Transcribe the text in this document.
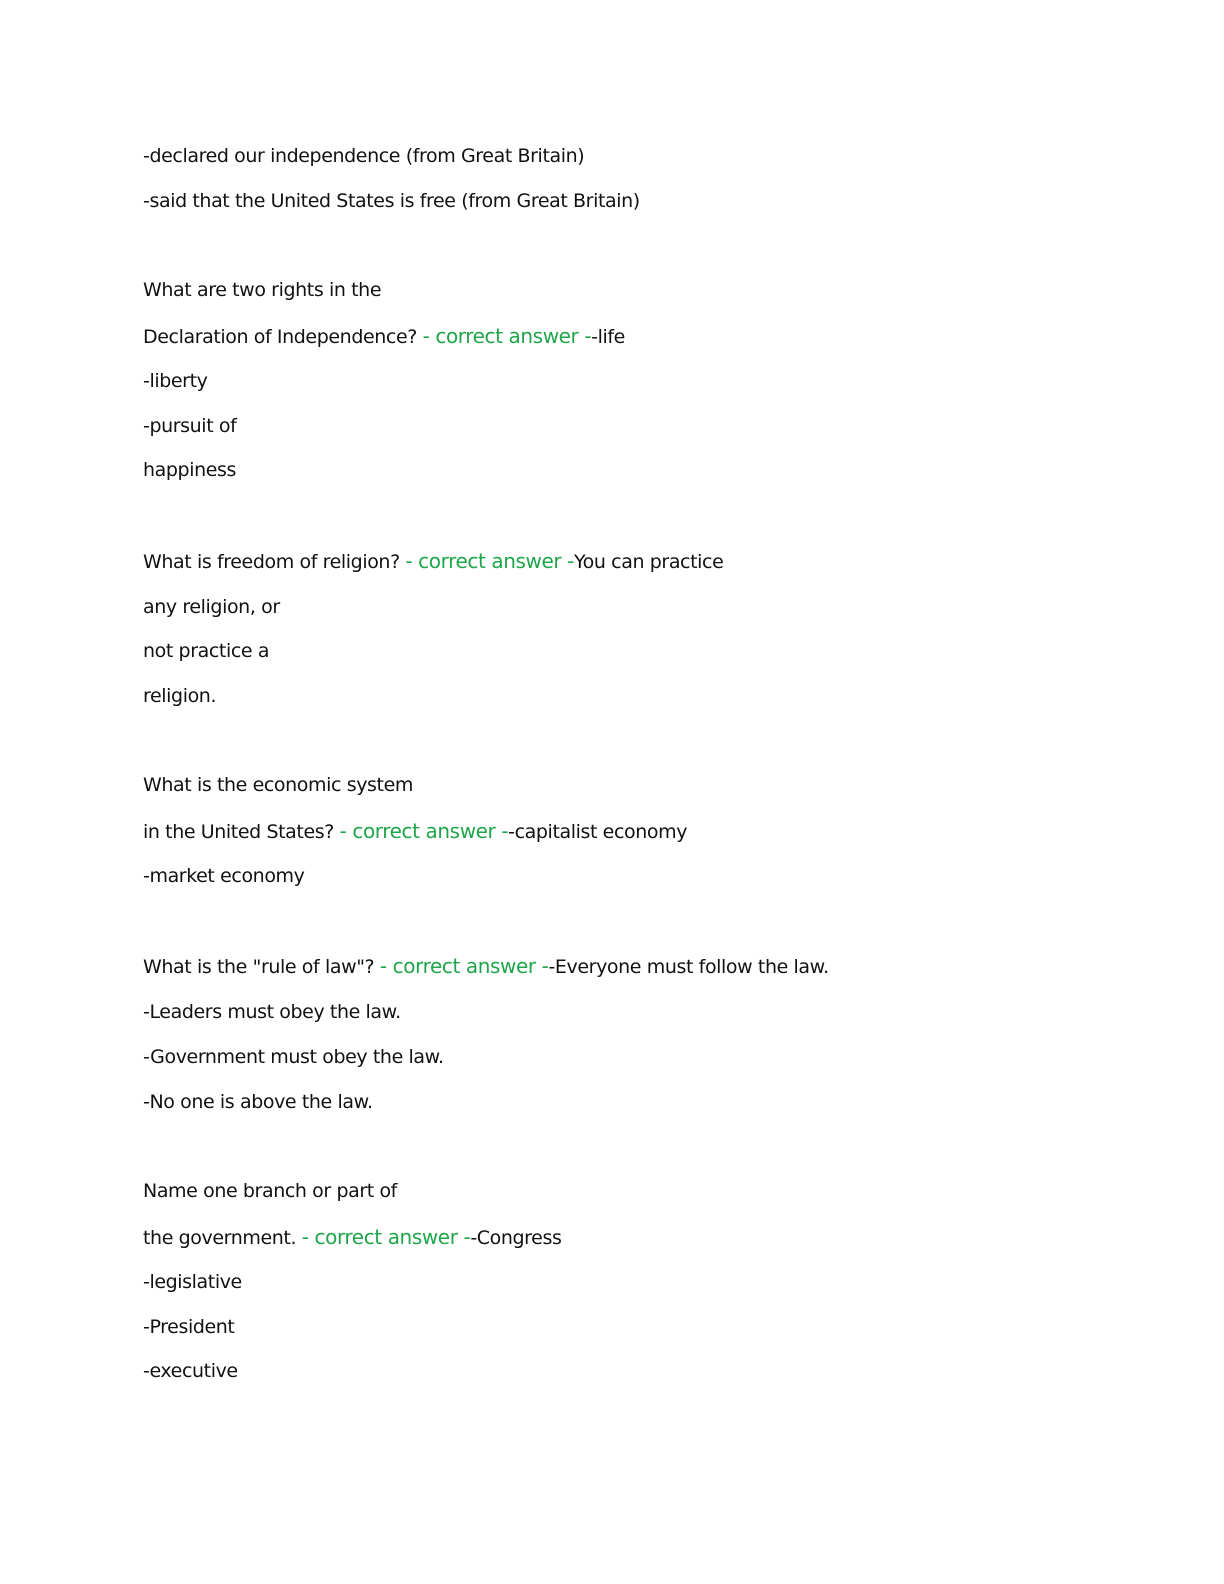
-declared our independence (from Great Britain)
-said that the United States is free (from Great Britain)
What are two rights in the
Declaration of Independence? - correct answer --life
-liberty
-pursuit of
happiness
What is freedom of religion? - correct answer -You can practice
any religion, or
not practice a
religion.
What is the economic system
in the United States? - correct answer --capitalist economy
-market economy
What is the "rule of law"? - correct answer --Everyone must follow the law.
-Leaders must obey the law.
-Government must obey the law.
-No one is above the law.
Name one branch or part of
the government. - correct answer --Congress
-legislative
-President
-executive
